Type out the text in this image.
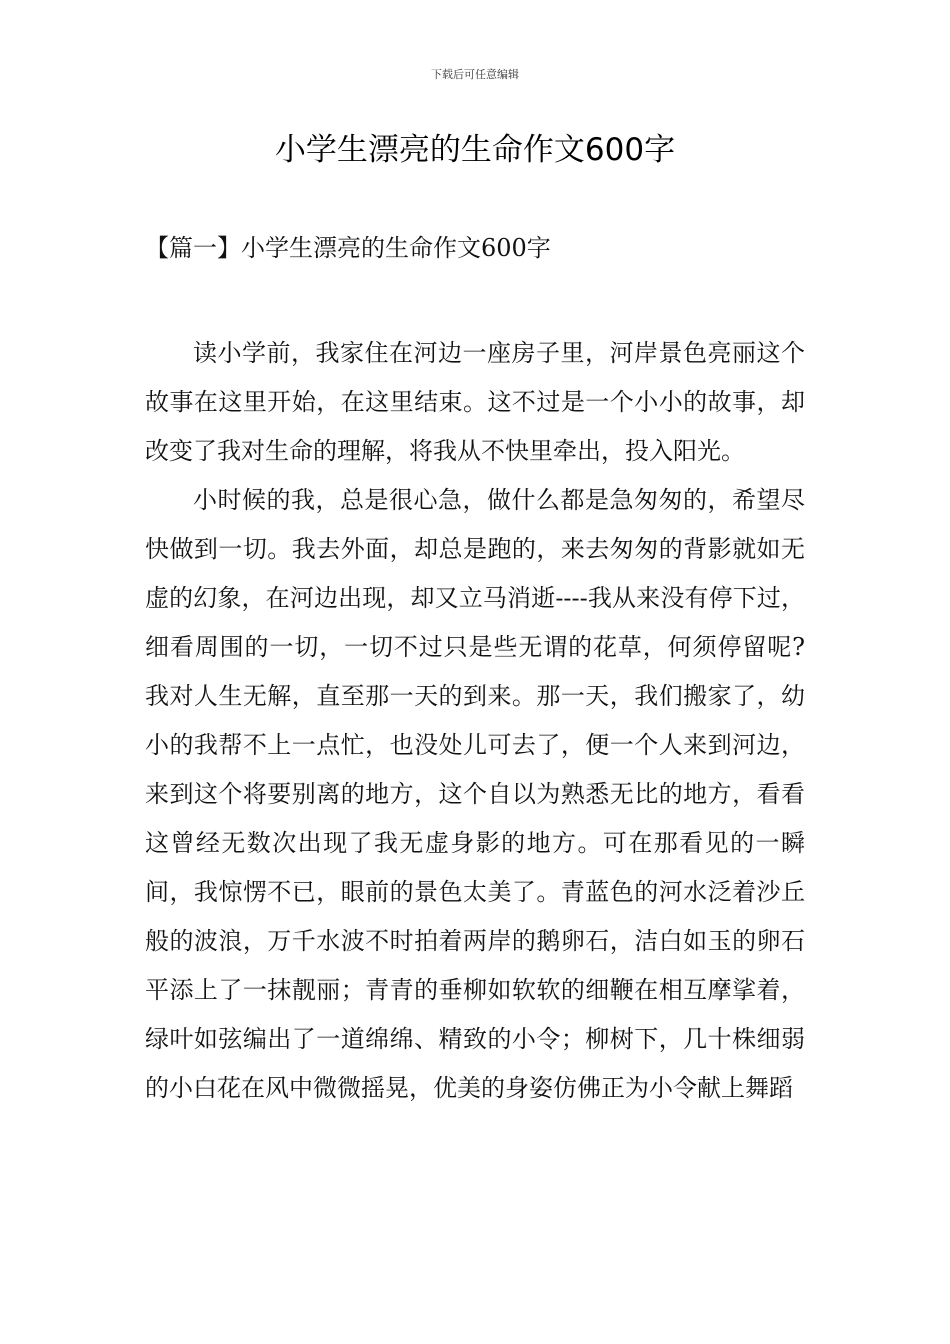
下载后可任意编辑
小学生漂亮的生命作文600字
【篇一】小学生漂亮的生命作文600字

读小学前，我家住在河边一座房子里，河岸景色亮丽这个故事在这里开始，在这里结束。这不过是一个小小的故事，却改变了我对生命的理解，将我从不快里牵出，投入阳光。

小时候的我，总是很心急，做什么都是急匆匆的，希望尽快做到一切。我去外面，却总是跑的，来去匆匆的背影就如无虚的幻象，在河边出现，却又立马消逝----我从来没有停下过，细看周围的一切，一切不过只是些无谓的花草，何须停留呢?我对人生无解，直至那一天的到来。那一天，我们搬家了，幼小的我帮不上一点忙，也没处儿可去了，便一个人来到河边，来到这个将要别离的地方，这个自以为熟悉无比的地方，看看这曾经无数次出现了我无虚身影的地方。可在那看见的一瞬间，我惊愣不已，眼前的景色太美了。青蓝色的河水泛着沙丘般的波浪，万千水波不时拍着两岸的鹅卵石，洁白如玉的卵石平添上了一抹靓丽；青青的垂柳如软软的细鞭在相互摩挲着，绿叶如弦编出了一道绵绵、精致的小令；柳树下，几十株细弱的小白花在风中微微摇晃，优美的身姿仿佛正为小令献上舞蹈
